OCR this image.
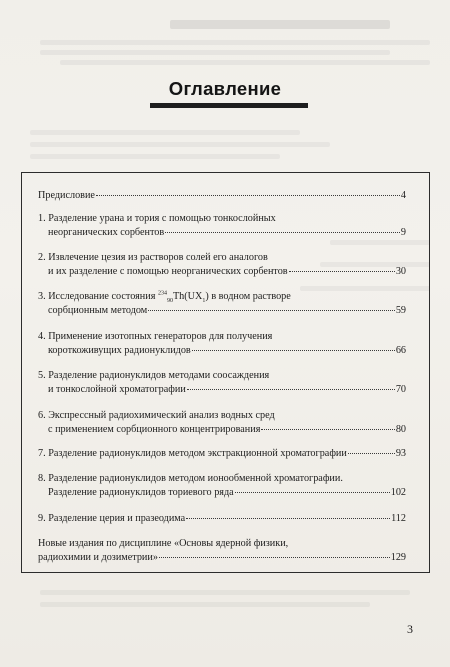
Оглавление
Предисловие	4
1. Разделение урана и тория с помощью тонкослойных
неорганических сорбентов	9
2. Извлечение цезия из растворов солей его аналогов
и их разделение с помощью неорганических сорбентов	30
3. Исследование состояния $^{234}_{90}Th(UX_1)$ в водном растворе
сорбционным методом	59
4. Применение изотопных генераторов для получения
короткоживущих радионуклидов	66
5. Разделение радионуклидов методами соосаждения
и тонкослойной хроматографии	70
6. Экспрессный радиохимический анализ водных сред
с применением сорбционного концентрирования	80
7. Разделение радионуклидов методом экстракционной хроматографии	93
8. Разделение радионуклидов методом ионообменной хроматографии.
Разделение радионуклидов ториевого ряда	102
9. Разделение церия и празеодима	112
Новые издания по дисциплине «Основы ядерной физики,
радиохимии и дозиметрии»	129
3
